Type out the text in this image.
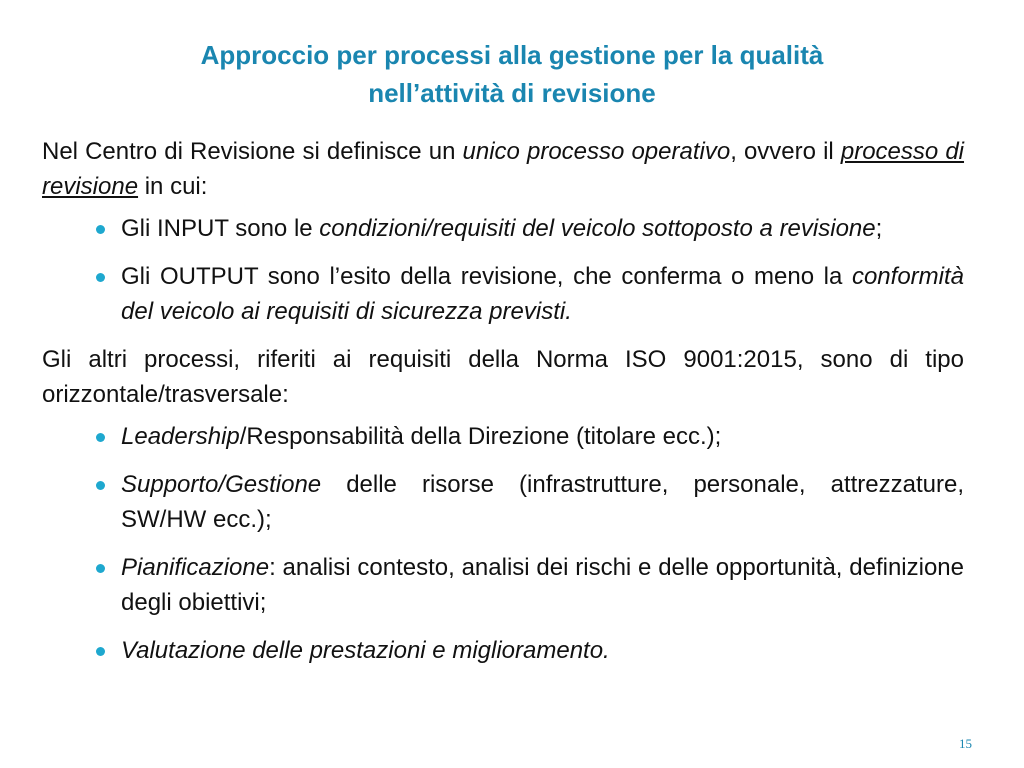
Approccio per processi alla gestione per la qualità
nell’attività di revisione
Nel Centro di Revisione si definisce un unico processo operativo, ovvero il processo di revisione in cui:
Gli INPUT sono le condizioni/requisiti del veicolo sottoposto a revisione;
Gli OUTPUT sono l’esito della revisione, che conferma o meno la conformità del veicolo ai requisiti di sicurezza previsti.
Gli altri processi, riferiti ai requisiti della Norma ISO 9001:2015, sono di tipo orizzontale/trasversale:
Leadership/Responsabilità della Direzione (titolare ecc.);
Supporto/Gestione delle risorse (infrastrutture, personale, attrezzature, SW/HW ecc.);
Pianificazione: analisi contesto, analisi dei rischi e delle opportunità, definizione degli obiettivi;
Valutazione delle prestazioni e miglioramento.
15
